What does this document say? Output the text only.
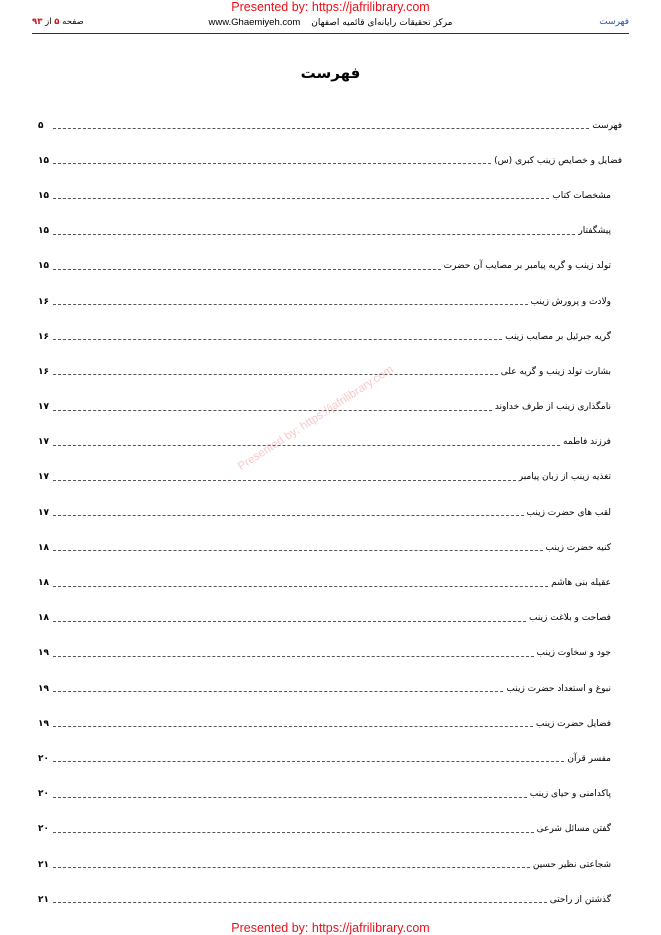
Presented by: https://jafrilibrary.com
فهرست
مرکز تحقیقات رایانه‌ای قائمیه اصفهان www.Ghaemiyeh.com
صفحه ۵ از ۹۳
فهرست
فهرست
۵
فضایل و خصایص زینب کبری (س)
۱۵
مشخصات کتاب
۱۵
پیشگفتار
۱۵
تولد زینب و گریه پیامبر بر مصایب آن حضرت
۱۵
ولادت و پرورش زینب
۱۶
گریه جبرئیل بر مصایب زینب
۱۶
بشارت تولد زینب و گریه علی
۱۶
نامگذاری زینب از طرف خداوند
۱۷
فرزند فاطمه
۱۷
تغذیه زینب از زبان پیامبر
۱۷
لقب های حضرت زینب
۱۷
کنیه حضرت زینب
۱۸
عقیله بنی هاشم
۱۸
فصاحت و بلاغت زینب
۱۸
جود و سخاوت زینب
۱۹
نبوغ و استعداد حضرت زینب
۱۹
فضایل حضرت زینب
۱۹
مفسر قرآن
۲۰
پاکدامنی و حیای زینب
۲۰
گفتن مسائل شرعی
۲۰
شجاعتی نظیر حسین
۲۱
گذشتن از راحتی
۲۱
Presented by: https://jafrilibrary.com
Presented by: https://jafrilibrary.com
